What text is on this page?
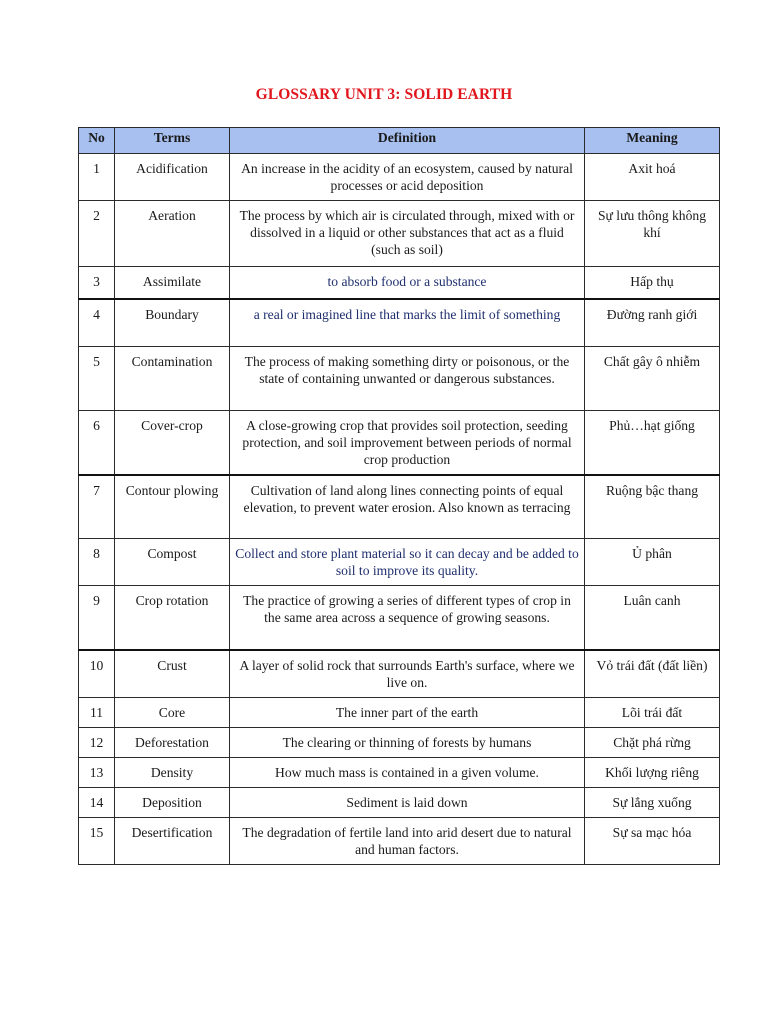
GLOSSARY UNIT 3: SOLID EARTH
No	Terms	Definition	Meaning
1	Acidification	An increase in the acidity of an ecosystem, caused by natural processes or acid deposition	Axit hoá
2	Aeration	The process by which air is circulated through, mixed with or dissolved in a liquid or other substances that act as a fluid (such as soil)	Sự lưu thông không khí
3	Assimilate	to absorb food or a substance	Hấp thụ
4	Boundary	a real or imagined line that marks the limit of something	Đường ranh giới
5	Contamination	The process of making something dirty or poisonous, or the state of containing unwanted or dangerous substances.	Chất gây ô nhiễm
6	Cover-crop	A close-growing crop that provides soil protection, seeding protection, and soil improvement between periods of normal crop production	Phủ…hạt giống
7	Contour plowing	Cultivation of land along lines connecting points of equal elevation, to prevent water erosion. Also known as terracing	Ruộng bậc thang
8	Compost	Collect and store plant material so it can decay and be added to soil to improve its quality.	Ủ phân
9	Crop rotation	The practice of growing a series of different types of crop in the same area across a sequence of growing seasons.	Luân canh
10	Crust	A layer of solid rock that surrounds Earth's surface, where we live on.	Vỏ trái đất (đất liền)
11	Core	The inner part of the earth	Lõi trái đất
12	Deforestation	The clearing or thinning of forests by humans	Chặt phá rừng
13	Density	How much mass is contained in a given volume.	Khối lượng riêng
14	Deposition	Sediment is laid down	Sự lắng xuống
15	Desertification	The degradation of fertile land into arid desert due to natural and human factors.	Sự sa mạc hóa
